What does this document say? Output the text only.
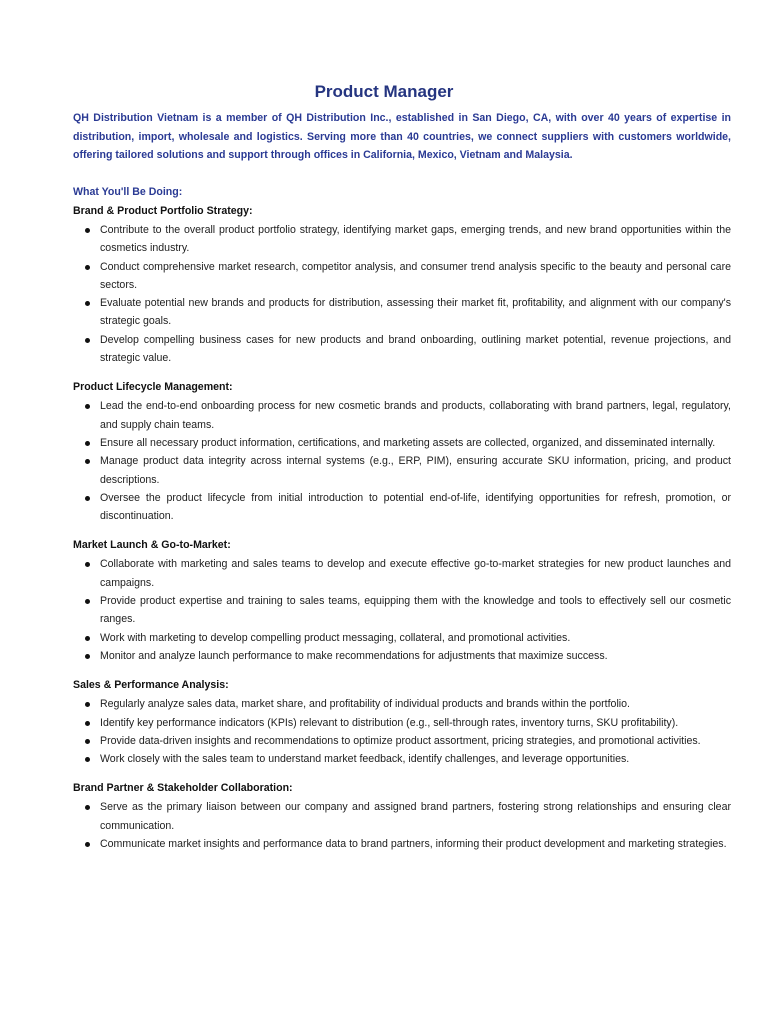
Product Manager
QH Distribution Vietnam is a member of QH Distribution Inc., established in San Diego, CA, with over 40 years of expertise in distribution, import, wholesale and logistics. Serving more than 40 countries, we connect suppliers with customers worldwide, offering tailored solutions and support through offices in California, Mexico, Vietnam and Malaysia.
What You'll Be Doing:
Brand & Product Portfolio Strategy:
Contribute to the overall product portfolio strategy, identifying market gaps, emerging trends, and new brand opportunities within the cosmetics industry.
Conduct comprehensive market research, competitor analysis, and consumer trend analysis specific to the beauty and personal care sectors.
Evaluate potential new brands and products for distribution, assessing their market fit, profitability, and alignment with our company's strategic goals.
Develop compelling business cases for new products and brand onboarding, outlining market potential, revenue projections, and strategic value.
Product Lifecycle Management:
Lead the end-to-end onboarding process for new cosmetic brands and products, collaborating with brand partners, legal, regulatory, and supply chain teams.
Ensure all necessary product information, certifications, and marketing assets are collected, organized, and disseminated internally.
Manage product data integrity across internal systems (e.g., ERP, PIM), ensuring accurate SKU information, pricing, and product descriptions.
Oversee the product lifecycle from initial introduction to potential end-of-life, identifying opportunities for refresh, promotion, or discontinuation.
Market Launch & Go-to-Market:
Collaborate with marketing and sales teams to develop and execute effective go-to-market strategies for new product launches and campaigns.
Provide product expertise and training to sales teams, equipping them with the knowledge and tools to effectively sell our cosmetic ranges.
Work with marketing to develop compelling product messaging, collateral, and promotional activities.
Monitor and analyze launch performance to make recommendations for adjustments that maximize success.
Sales & Performance Analysis:
Regularly analyze sales data, market share, and profitability of individual products and brands within the portfolio.
Identify key performance indicators (KPIs) relevant to distribution (e.g., sell-through rates, inventory turns, SKU profitability).
Provide data-driven insights and recommendations to optimize product assortment, pricing strategies, and promotional activities.
Work closely with the sales team to understand market feedback, identify challenges, and leverage opportunities.
Brand Partner & Stakeholder Collaboration:
Serve as the primary liaison between our company and assigned brand partners, fostering strong relationships and ensuring clear communication.
Communicate market insights and performance data to brand partners, informing their product development and marketing strategies.
